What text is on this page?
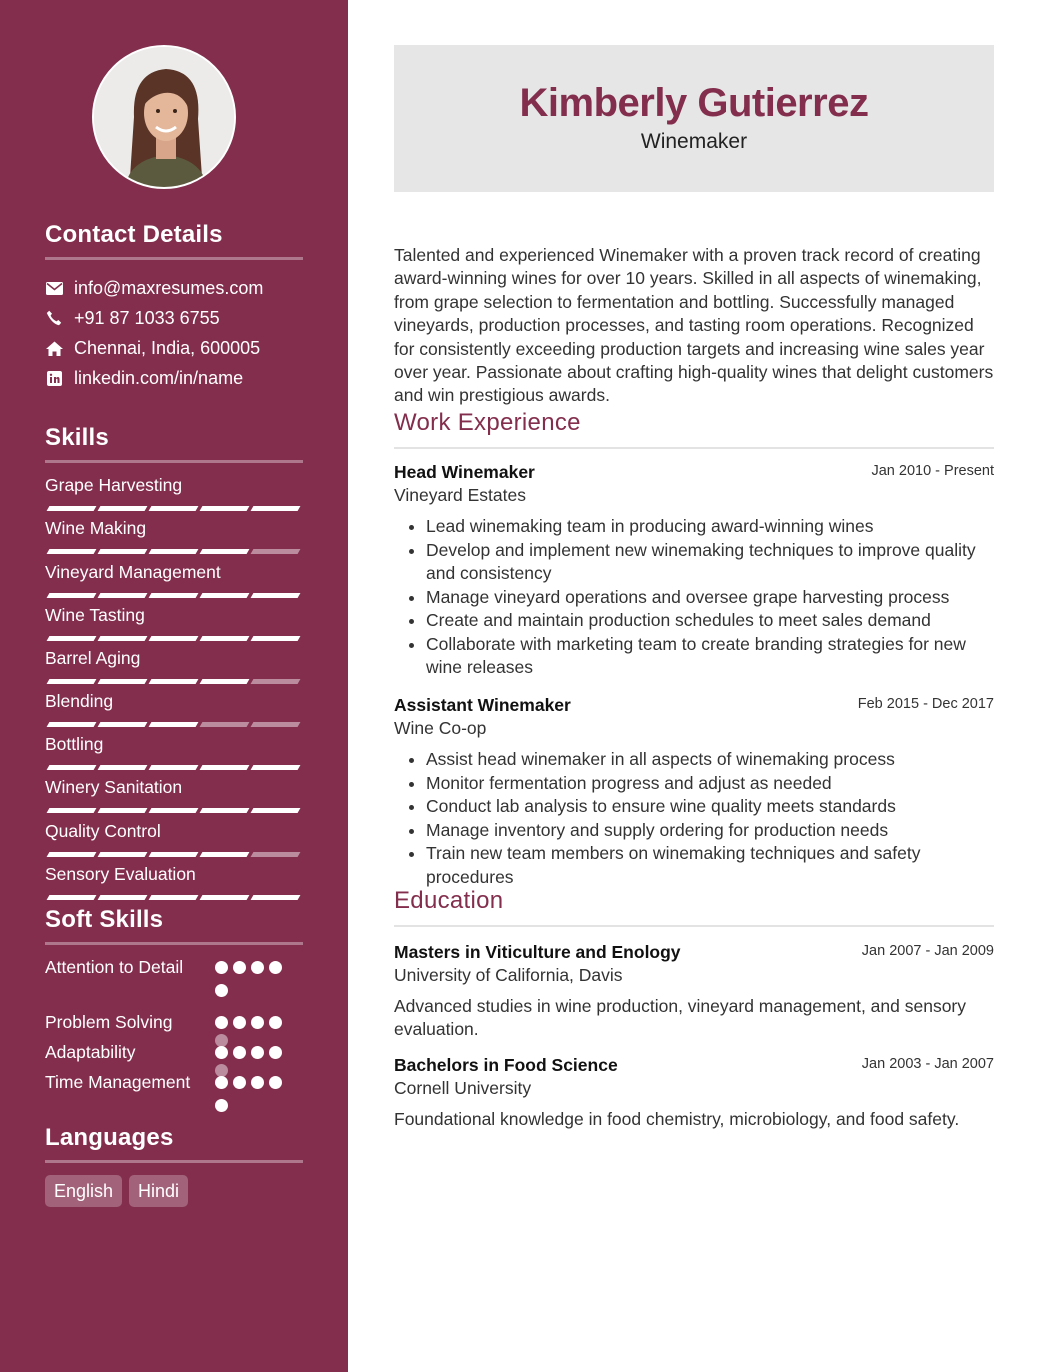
Contact Details
info@maxresumes.com
+91 87 1033 6755
Chennai, India, 600005
linkedin.com/in/name
Skills
Grape Harvesting
Wine Making
Vineyard Management
Wine Tasting
Barrel Aging
Blending
Bottling
Winery Sanitation
Quality Control
Sensory Evaluation
Soft Skills
Attention to Detail
Problem Solving
Adaptability
Time Management
Languages
English	Hindi
Kimberly Gutierrez
Winemaker
Talented and experienced Winemaker with a proven track record of creating award-winning wines for over 10 years. Skilled in all aspects of winemaking, from grape selection to fermentation and bottling. Successfully managed vineyards, production processes, and tasting room operations. Recognized for consistently exceeding production targets and increasing wine sales year over year. Passionate about crafting high-quality wines that delight customers and win prestigious awards.
Work Experience
Head Winemaker	Jan 2010 - Present
Vineyard Estates
• Lead winemaking team in producing award-winning wines
• Develop and implement new winemaking techniques to improve quality and consistency
• Manage vineyard operations and oversee grape harvesting process
• Create and maintain production schedules to meet sales demand
• Collaborate with marketing team to create branding strategies for new wine releases
Assistant Winemaker	Feb 2015 - Dec 2017
Wine Co-op
• Assist head winemaker in all aspects of winemaking process
• Monitor fermentation progress and adjust as needed
• Conduct lab analysis to ensure wine quality meets standards
• Manage inventory and supply ordering for production needs
• Train new team members on winemaking techniques and safety procedures
Education
Masters in Viticulture and Enology	Jan 2007 - Jan 2009
University of California, Davis
Advanced studies in wine production, vineyard management, and sensory evaluation.
Bachelors in Food Science	Jan 2003 - Jan 2007
Cornell University
Foundational knowledge in food chemistry, microbiology, and food safety.
